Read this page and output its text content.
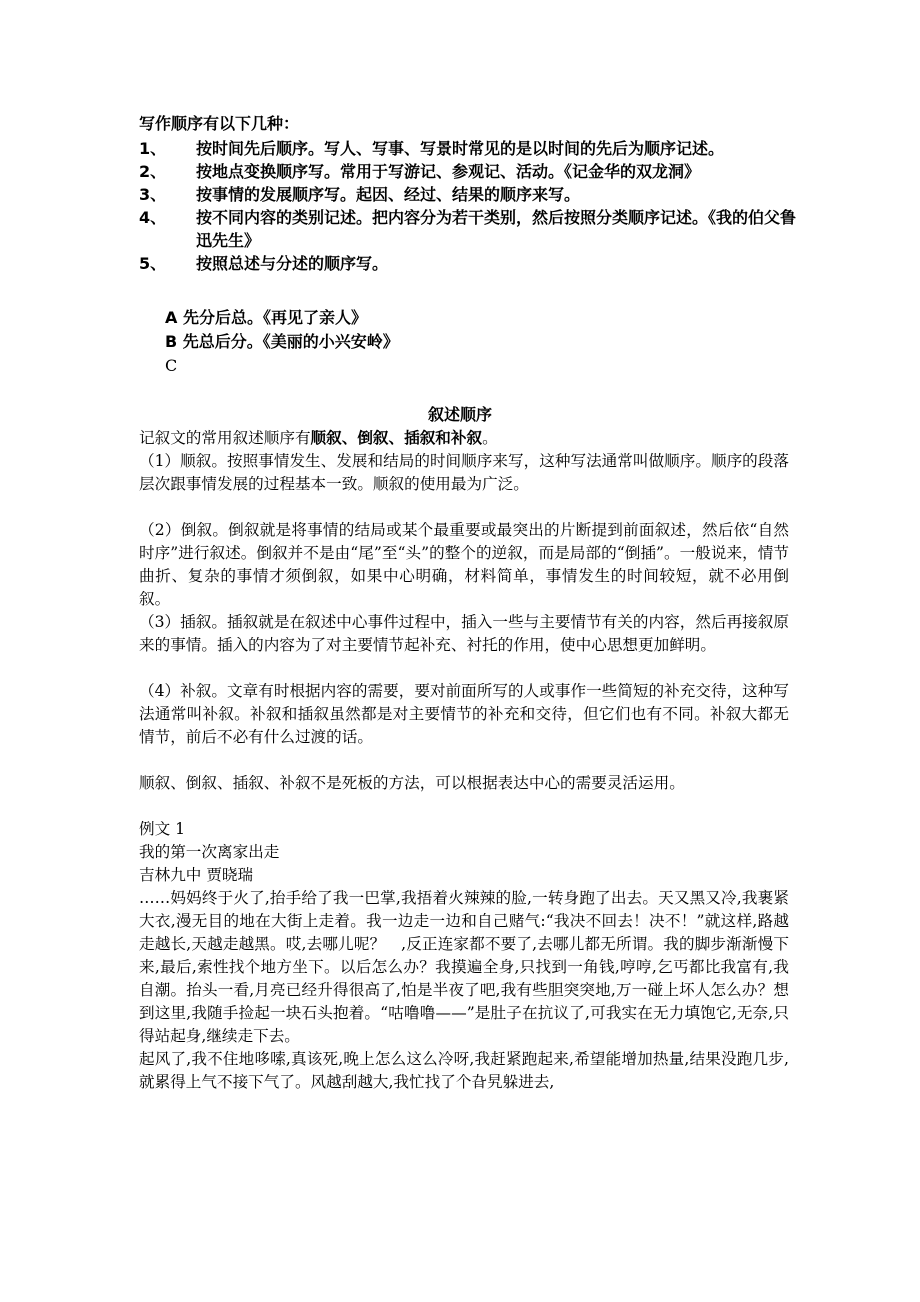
写作顺序有以下几种：
1、	按时间先后顺序。写人、写事、写景时常见的是以时间的先后为顺序记述。
2、	按地点变换顺序写。常用于写游记、参观记、活动。《记金华的双龙洞》
3、	按事情的发展顺序写。起因、经过、结果的顺序来写。
4、	按不同内容的类别记述。把内容分为若干类别，然后按照分类顺序记述。《我的伯父鲁迅先生》
5、	按照总述与分述的顺序写。
A 先分后总。《再见了亲人》
B 先总后分。《美丽的小兴安岭》
C
叙述顺序

记叙文的常用叙述顺序有顺叙、倒叙、插叙和补叙。

（1）顺叙。按照事情发生、发展和结局的时间顺序来写，这种写法通常叫做顺序。顺序的段落层次跟事情发展的过程基本一致。顺叙的使用最为广泛。

（2）倒叙。倒叙就是将事情的结局或某个最重要或最突出的片断提到前面叙述，然后依“自然时序”进行叙述。倒叙并不是由“尾”至“头”的整个的逆叙，而是局部的“倒插”。一般说来，情节曲折、复杂的事情才须倒叙，如果中心明确，材料简单，事情发生的时间较短，就不必用倒叙。

（3）插叙。插叙就是在叙述中心事件过程中，插入一些与主要情节有关的内容，然后再接叙原来的事情。插入的内容为了对主要情节起补充、衬托的作用，使中心思想更加鲜明。

（4）补叙。文章有时根据内容的需要，要对前面所写的人或事作一些简短的补充交待，这种写法通常叫补叙。补叙和插叙虽然都是对主要情节的补充和交待，但它们也有不同。补叙大都无情节，前后不必有什么过渡的话。

顺叙、倒叙、插叙、补叙不是死板的方法，可以根据表达中心的需要灵活运用。

例文 1

我的第一次离家出走

吉林九中 贾晓瑞

……妈妈终于火了,抬手给了我一巴掌,我捂着火辣辣的脸,一转身跑了出去。天又黑又冷,我裹紧大衣,漫无目的地在大街上走着。我一边走一边和自己赌气:“我决不回去！决不！”就这样,路越走越长,天越走越黑。哎,去哪儿呢？　,反正连家都不要了,去哪儿都无所谓。我的脚步渐渐慢下来,最后,索性找个地方坐下。以后怎么办？我摸遍全身,只找到一角钱,哼哼,乞丐都比我富有,我自潮。抬头一看,月亮已经升得很高了,怕是半夜了吧,我有些胆突突地,万一碰上坏人怎么办？想到这里,我随手捡起一块石头抱着。“咕噜噜——”是肚子在抗议了,可我实在无力填饱它,无奈,只得站起身,继续走下去。

起风了,我不住地哆嗦,真该死,晚上怎么这么冷呀,我赶紧跑起来,希望能增加热量,结果没跑几步,就累得上气不接下气了。风越刮越大,我忙找了个旮旯躲进去,
